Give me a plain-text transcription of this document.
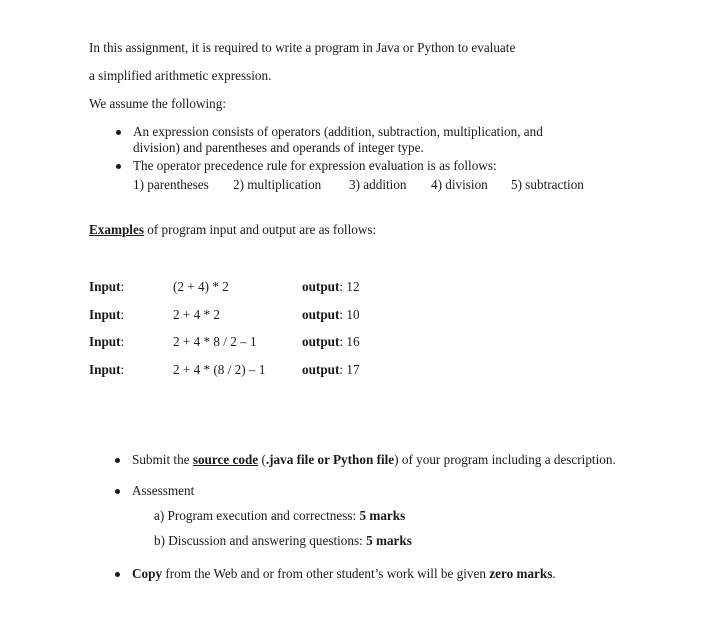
In this assignment, it is required to write a program in Java or Python to evaluate
a simplified arithmetic expression.
We assume the following:
An expression consists of operators (addition, subtraction, multiplication, and
division) and parentheses and operands of integer type.
The operator precedence rule for expression evaluation is as follows:
1) parentheses 2) multiplication 3) addition 4) division 5) subtraction
Examples of program input and output are as follows:
Input:	(2 + 4) * 2	output: 12
Input:	2 + 4 * 2	output: 10
Input:	2 + 4 * 8 / 2 – 1	output: 16
Input:	2 + 4 * (8 / 2) – 1	output: 17
Submit the source code (.java file or Python file) of your program including a description.
Assessment
a) Program execution and correctness: 5 marks
b) Discussion and answering questions: 5 marks
Copy from the Web and or from other student’s work will be given zero marks.
